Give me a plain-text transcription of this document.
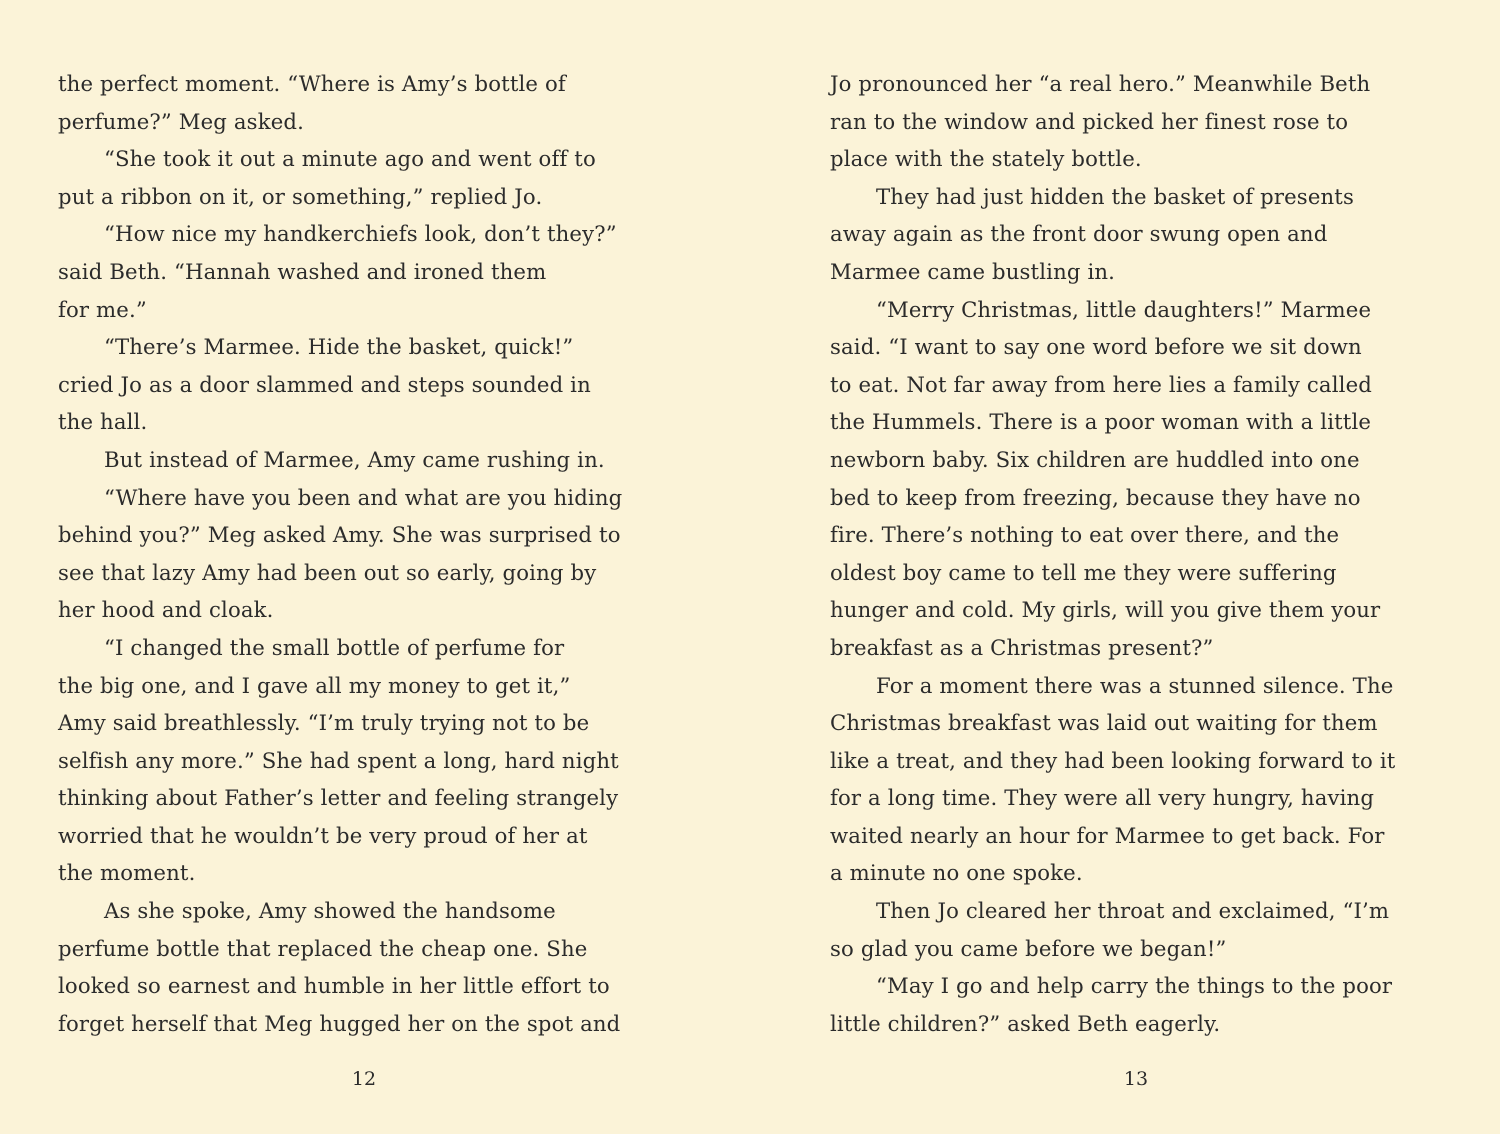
the perfect moment. “Where is Amy’s bottle of
perfume?” Meg asked.
“She took it out a minute ago and went off to
put a ribbon on it, or something,” replied Jo.
“How nice my handkerchiefs look, don’t they?”
said Beth. “Hannah washed and ironed them
for me.”
“There’s Marmee. Hide the basket, quick!”
cried Jo as a door slammed and steps sounded in
the hall.
But instead of Marmee, Amy came rushing in.
“Where have you been and what are you hiding
behind you?” Meg asked Amy. She was surprised to
see that lazy Amy had been out so early, going by
her hood and cloak.
“I changed the small bottle of perfume for
the big one, and I gave all my money to get it,”
Amy said breathlessly. “I’m truly trying not to be
selfish any more.” She had spent a long, hard night
thinking about Father’s letter and feeling strangely
worried that he wouldn’t be very proud of her at
the moment.
As she spoke, Amy showed the handsome
perfume bottle that replaced the cheap one. She
looked so earnest and humble in her little effort to
forget herself that Meg hugged her on the spot and
12
Jo pronounced her “a real hero.” Meanwhile Beth
ran to the window and picked her finest rose to
place with the stately bottle.
They had just hidden the basket of presents
away again as the front door swung open and
Marmee came bustling in.
“Merry Christmas, little daughters!” Marmee
said. “I want to say one word before we sit down
to eat. Not far away from here lies a family called
the Hummels. There is a poor woman with a little
newborn baby. Six children are huddled into one
bed to keep from freezing, because they have no
fire. There’s nothing to eat over there, and the
oldest boy came to tell me they were suffering
hunger and cold. My girls, will you give them your
breakfast as a Christmas present?”
For a moment there was a stunned silence. The
Christmas breakfast was laid out waiting for them
like a treat, and they had been looking forward to it
for a long time. They were all very hungry, having
waited nearly an hour for Marmee to get back. For
a minute no one spoke.
Then Jo cleared her throat and exclaimed, “I’m
so glad you came before we began!”
“May I go and help carry the things to the poor
little children?” asked Beth eagerly.
13
